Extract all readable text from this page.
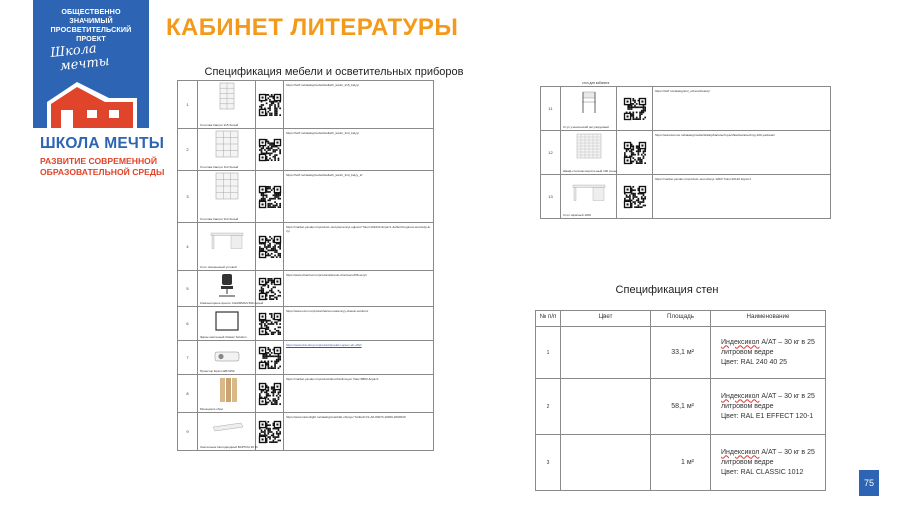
ОБЩЕСТВЕННО ЗНАЧИМЫЙ ПРОСВЕТИТЕЛЬСКИЙ ПРОЕКТ
Школа
мечты
ШКОЛА МЕЧТЫ
РАЗВИТИЕ СОВРЕМЕННОЙ
ОБРАЗОВАТЕЛЬНОЙ СРЕДЫ
КАБИНЕТ ЛИТЕРАТУРЫ
Спецификация мебели и осветительных приборов
1	Стеллаж Кантри 2x5 белый		https://hoff.ru/catalog/mebel/stellazh_kantri_2x5_belyy/
2	Стеллаж Кантри 3x4 белый		https://hoff.ru/catalog/mebel/stellazh_kantri_3x4_belyy/
3	Стеллаж Кантри 3x4 белый		https://hoff.ru/catalog/mebel/stellazh_kantri_3x4_belyy_2/
4	Стол письменный угловой		https://market.yandex.ru/product--stol-pismennyi-uglovoi/ ?sku=101010 &cpa=1 &offerid=uglovoi-stol-belyi-levyi
5	Компьютерное кресло CHAIRMAN 696 серый		https://www.chairman.ru/products/kreslo-chairman-696-seryi/
6	Экран настенный Classic Solution		https://www.ozon.ru/product/ekran-nastennyy-classic-solution/
7	Проектор Epson EB-W52		https://www.dns-shop.ru/product/proektor-epson-eb-w52/
8	Моющиеся обои		https://market.yandex.ru/product/oboi-flizelinovye/ ?sku=8800 &cpa=1
9	Светильник светодиодный ВАРТОН 36 Вт		https://www.vartonlight.ru/catalog/svetilniki-ofisnye/ ?artikul=V1-A0-00070-10000-2003640
стол для кабинета
11	Стул ученический регулируемый		https://hoff.ru/catalog/stul_uchenicheskiy/
12	Шкаф-стеллаж картотечный 100 ячеек		https://www.komus.ru/katalog/mebel/shkafy/kartotechnye/shkaf-kartotechnyj-100-yacheek/
13	Стол офисный 1200		https://market.yandex.ru/product--stol-ofisnyi-1200/ ?sku=10120 &cpa=1
Спецификация стен
№ п/п	Цвет	Площадь	Наименование
1		33,1 м²	Индексикол А/АТ – 30 кг в 25 литровом ведре
Цвет: RAL 240 40 25
2		58,1 м²	Индексикол А/АТ – 30 кг в 25 литровом ведре
Цвет: RAL E1 EFFECT 120-1
3		1 м²	Индексикол А/АТ – 30 кг в 25 литровом ведре
Цвет: RAL CLASSIC 1012
75
